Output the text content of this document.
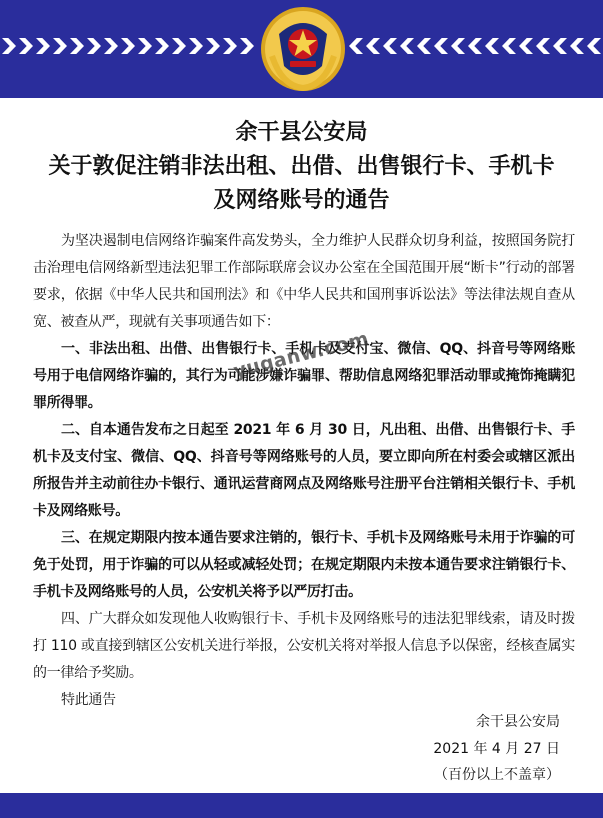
余干县公安局
关于敦促注销非法出租、出借、出售银行卡、手机卡
及网络账号的通告

为坚决遏制电信网络诈骗案件高发势头，全力维护人民群众切身利益，按照国务院打击治理电信网络新型违法犯罪工作部际联席会议办公室在全国范围开展“断卡”行动的部署要求，依据《中华人民共和国刑法》和《中华人民共和国刑事诉讼法》等法律法规自查从宽、被查从严，现就有关事项通告如下：

一、非法出租、出借、出售银行卡、手机卡及支付宝、微信、QQ、抖音号等网络账号用于电信网络诈骗的，其行为可能涉嫌诈骗罪、帮助信息网络犯罪活动罪或掩饰掩瞒犯罪所得罪。

二、自本通告发布之日起至 2021 年 6 月 30 日，凡出租、出借、出售银行卡、手机卡及支付宝、微信、QQ、抖音号等网络账号的人员，要立即向所在村委会或辖区派出所报告并主动前往办卡银行、通讯运营商网点及网络账号注册平台注销相关银行卡、手机卡及网络账号。

三、在规定期限内按本通告要求注销的，银行卡、手机卡及网络账号未用于诈骗的可免于处罚，用于诈骗的可以从轻或减轻处罚；在规定期限内未按本通告要求注销银行卡、手机卡及网络账号的人员，公安机关将予以严厉打击。

四、广大群众如发现他人收购银行卡、手机卡及网络账号的违法犯罪线索，请及时拨打 110 或直接到辖区公安机关进行举报，公安机关将对举报人信息予以保密，经核查属实的一律给予奖励。

特此通告

yuganw.com
余干县公安局
2021 年 4 月 27 日
（百份以上不盖章）
